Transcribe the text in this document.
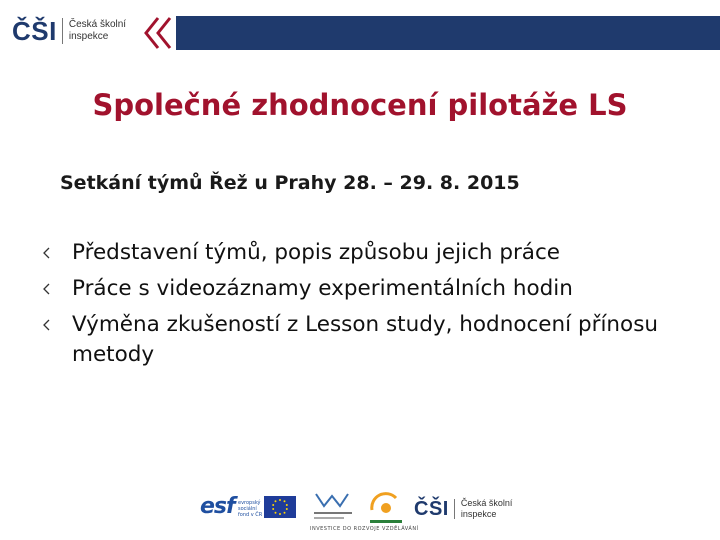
ČŠI Česká školní
inspekce
Společné zhodnocení pilotáže LS
Setkání týmů Řež u Prahy 28. – 29. 8. 2015
Představení týmů, popis způsobu jejich práce
Práce s videozáznamy experimentálních hodin
Výměna zkušeností z Lesson study, hodnocení přínosu metody
esf evropský sociální fond v ČR	ČŠI Česká školní
inspekce
INVESTICE DO ROZVOJE VZDĚLÁVÁNÍ
